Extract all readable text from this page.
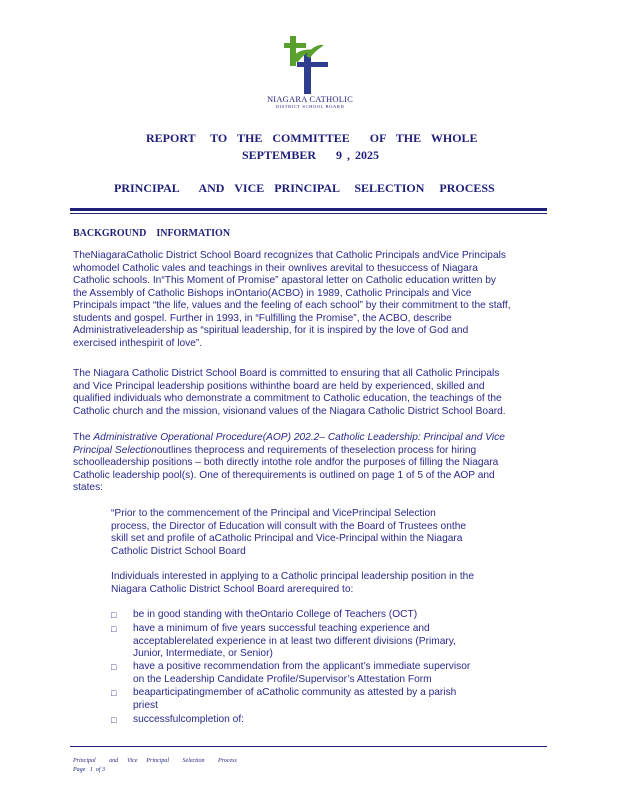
NIAGARA CATHOLIC
DISTRICT SCHOOL BOARD
REPORT   TO  THE  COMMITTEE    OF  THE  WHOLE
SEPTEMBER    9 , 2025
PRINCIPAL    AND  VICE  PRINCIPAL   SELECTION   PROCESS
BACKGROUND    INFORMATION
TheNiagaraCatholic District School Board recognizes that Catholic Principals andVice Principals
whomodel Catholic vales and teachings in their ownlives arevital to thesuccess of Niagara
Catholic schools. In“This Moment of Promise” apastoral letter on Catholic education written by
the Assembly of Catholic Bishops inOntario(ACBO) in 1989, Catholic Principals and Vice
Principals impact “the life, values and the feeling of each school” by their commitment to the staff,
students and gospel. Further in 1993, in “Fulfilling the Promise”, the ACBO, describe
Administrativeleadership as “spiritual leadership, for it is inspired by the love of God and
exercised inthespirit of love”.
The Niagara Catholic District School Board is committed to ensuring that all Catholic Principals
and Vice Principal leadership positions withinthe board are held by experienced, skilled and
qualified individuals who demonstrate a commitment to Catholic education, the teachings of the
Catholic church and the mission, visionand values of the Niagara Catholic District School Board.
The Administrative Operational Procedure(AOP) 202.2– Catholic Leadership: Principal and Vice
Principal Selectionoutlines theprocess and requirements of theselection process for hiring
schoolleadership positions – both directly intothe role andfor the purposes of filling the Niagara
Catholic leadership pool(s). One of therequirements is outlined on page 1 of 5 of the AOP and
states:
“Prior to the commencement of the Principal and VicePrincipal Selection
process, the Director of Education will consult with the Board of Trustees onthe
skill set and profile of aCatholic Principal and Vice-Principal within the Niagara
Catholic District School Board
Individuals interested in applying to a Catholic principal leadership position in the
Niagara Catholic District School Board arerequired to:
□ be in good standing with theOntario College of Teachers (OCT)
□ have a minimum of five years successful teaching experience and
acceptablerelated experience in at least two different divisions (Primary,
Junior, Intermediate, or Senior)
□ have a positive recommendation from the applicant’s immediate supervisor
on the Leadership Candidate Profile/Supervisor’s Attestation Form
□ beaparticipatingmember of aCatholic community as attested by a parish
priest
□ successfulcompletion of:
Principal   and  Vice  Principal   Selection   Process
Page   1  of 3
